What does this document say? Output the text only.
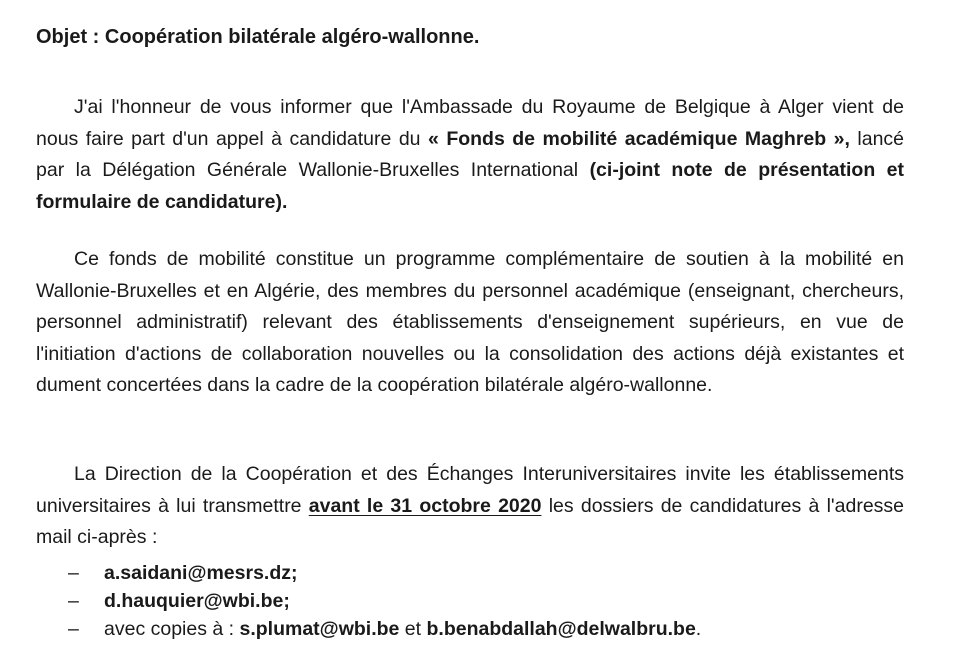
Objet : Coopération bilatérale algéro-wallonne.
J'ai l'honneur de vous informer que l'Ambassade du Royaume de Belgique à Alger vient de nous faire part d'un appel à candidature du « Fonds de mobilité académique Maghreb », lancé par la Délégation Générale Wallonie-Bruxelles International (ci-joint note de présentation et formulaire de candidature).
Ce fonds de mobilité constitue un programme complémentaire de soutien à la mobilité en Wallonie-Bruxelles et en Algérie, des membres du personnel académique (enseignant, chercheurs, personnel administratif) relevant des établissements d'enseignement supérieurs, en vue de l'initiation d'actions de collaboration nouvelles ou la consolidation des actions déjà existantes et dument concertées dans la cadre de la coopération bilatérale algéro-wallonne.
La Direction de la Coopération et des Échanges Interuniversitaires invite les établissements universitaires à lui transmettre avant le 31 octobre 2020 les dossiers de candidatures à l'adresse mail ci-après :
– a.saidani@mesrs.dz;
– d.hauquier@wbi.be;
– avec copies à : s.plumat@wbi.be et b.benabdallah@delwalbru.be.
